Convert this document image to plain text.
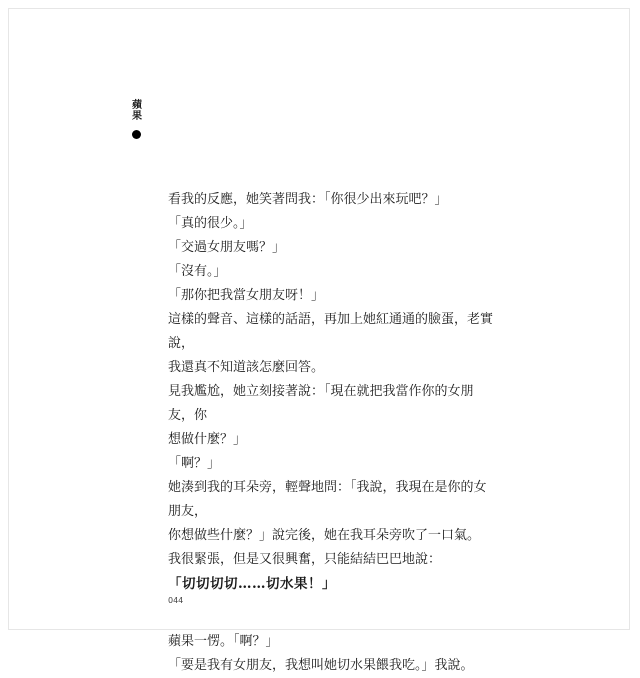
蘋
果

看我的反應，她笑著問我：「你很少出來玩吧？」

「真的很少。」

「交過女朋友嗎？」

「沒有。」

「那你把我當女朋友呀！」

這樣的聲音、這樣的話語，再加上她紅通通的臉蛋，老實說，

我還真不知道該怎麼回答。

見我尷尬，她立刻接著說：「現在就把我當作你的女朋友，你

想做什麼？」

「啊？」

她湊到我的耳朵旁，輕聲地問：「我說，我現在是你的女朋友，

你想做些什麼？」說完後，她在我耳朵旁吹了一口氣。

我很緊張，但是又很興奮，只能結結巴巴地說：

「切切切切……切水果！」

蘋果一愣。「啊？」

「要是我有女朋友，我想叫她切水果餵我吃。」我說。

044
